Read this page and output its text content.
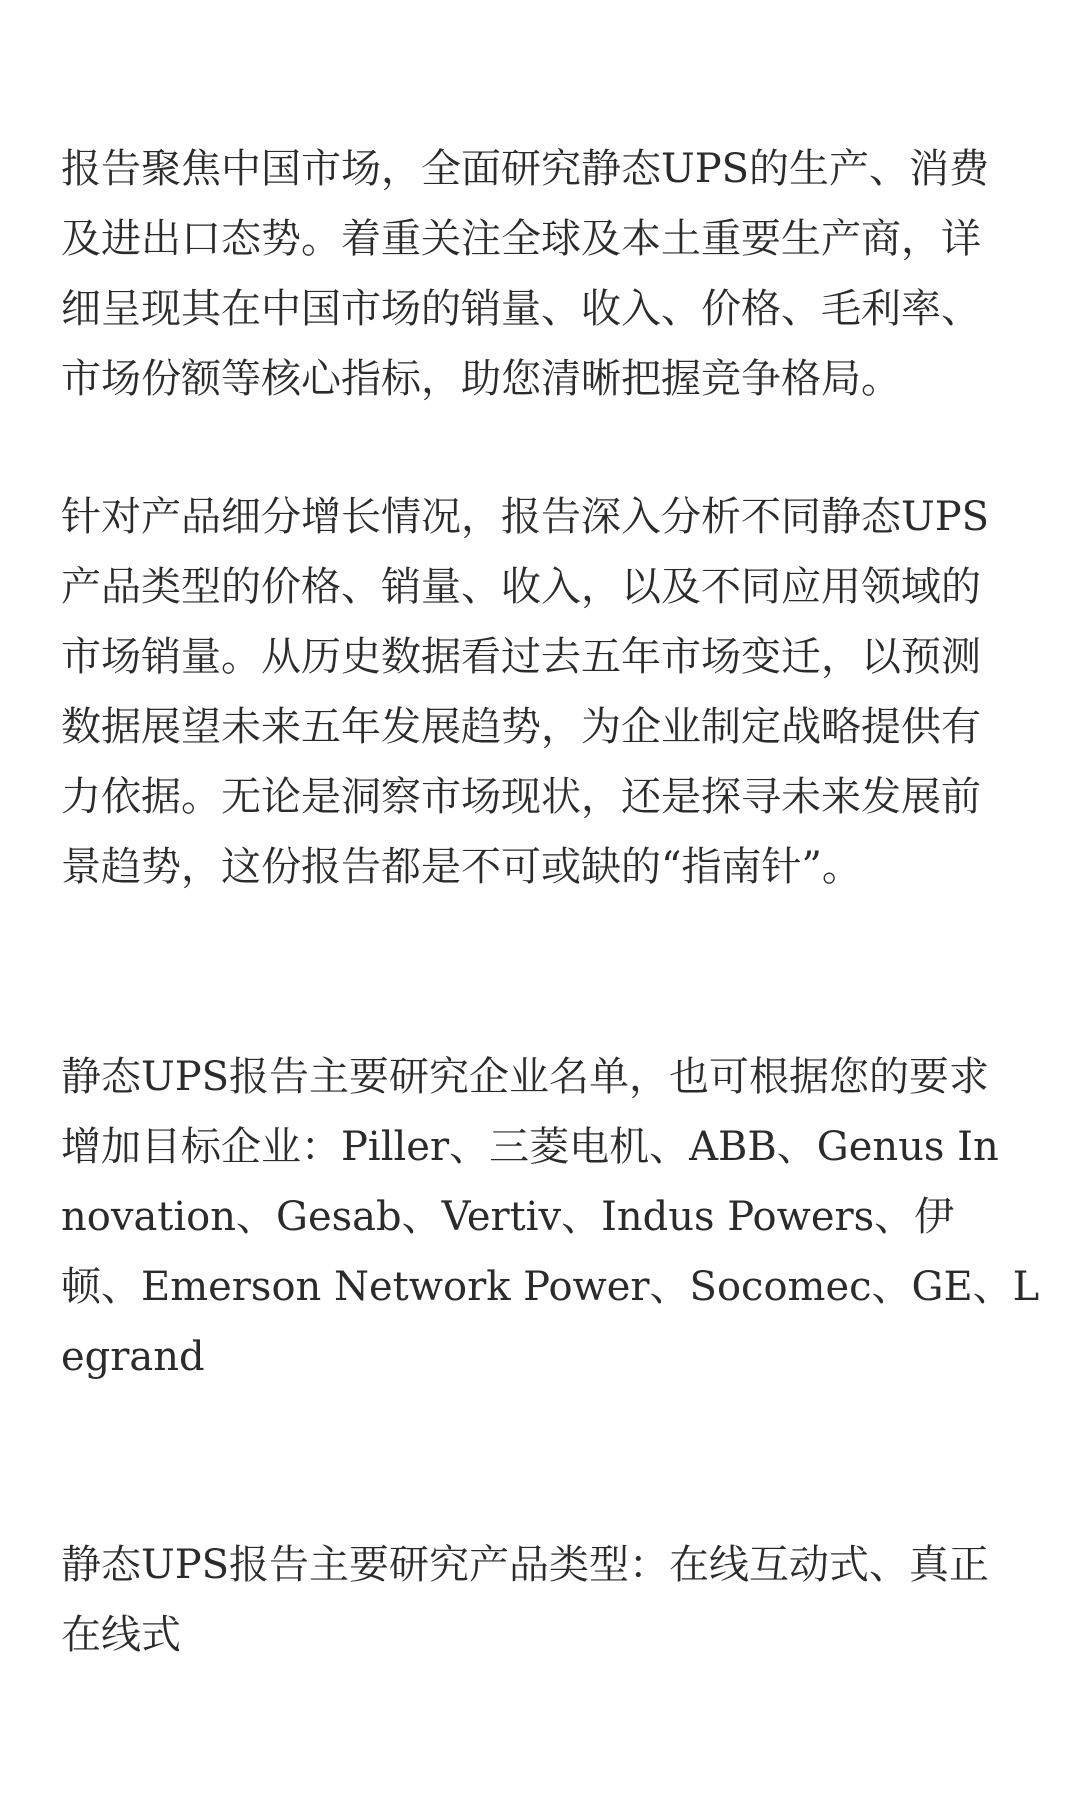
报告聚焦中国市场，全面研究静态UPS的生产、消费
及进出口态势。着重关注全球及本土重要生产商，详
细呈现其在中国市场的销量、收入、价格、毛利率、
市场份额等核心指标，助您清晰把握竞争格局。

针对产品细分增长情况，报告深入分析不同静态UPS
产品类型的价格、销量、收入，以及不同应用领域的
市场销量。从历史数据看过去五年市场变迁，以预测
数据展望未来五年发展趋势，为企业制定战略提供有
力依据。无论是洞察市场现状，还是探寻未来发展前
景趋势，这份报告都是不可或缺的“指南针”。

静态UPS报告主要研究企业名单，也可根据您的要求
增加目标企业：Piller、三菱电机、ABB、Genus In
novation、Gesab、Vertiv、Indus Powers、伊
顿、Emerson Network Power、Socomec、GE、L
egrand

静态UPS报告主要研究产品类型：在线互动式、真正
在线式
